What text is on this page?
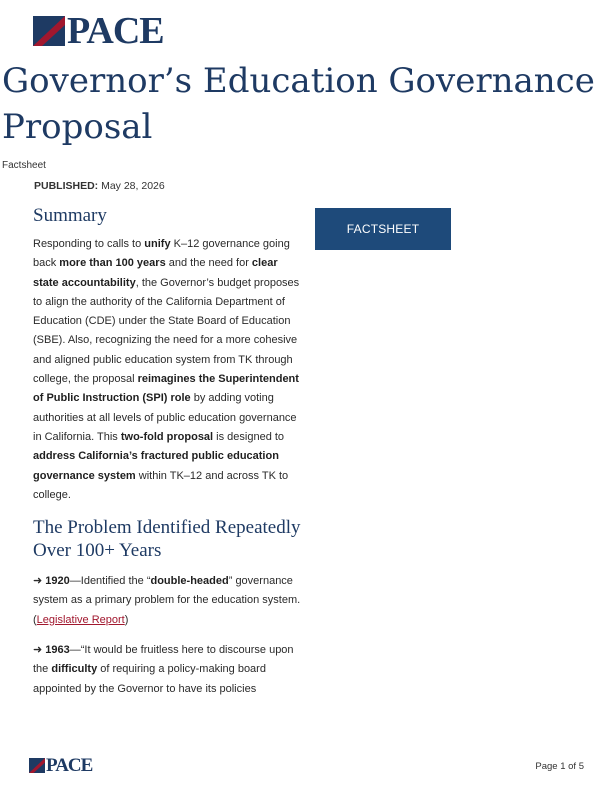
PACE
Governor’s Education Governance Proposal
Factsheet
PUBLISHED: May 28, 2026
FACTSHEET
Summary

Responding to calls to unify K–12 governance going back more than 100 years and the need for clear state accountability, the Governor’s budget proposes to align the authority of the California Department of Education (CDE) under the State Board of Education (SBE). Also, recognizing the need for a more cohesive and aligned public education system from TK through college, the proposal reimagines the Superintendent of Public Instruction (SPI) role by adding voting authorities at all levels of public education governance in California. This two-fold proposal is designed to address California’s fractured public education governance system within TK–12 and across TK to college.

The Problem Identified Repeatedly Over 100+ Years

➜ 1920—Identified the “double-headed” governance system as a primary problem for the education system. (Legislative Report)

➜ 1963—“It would be fruitless here to discourse upon the difficulty of requiring a policy-making board appointed by the Governor to have its policies

PACE	Page 1 of 5
